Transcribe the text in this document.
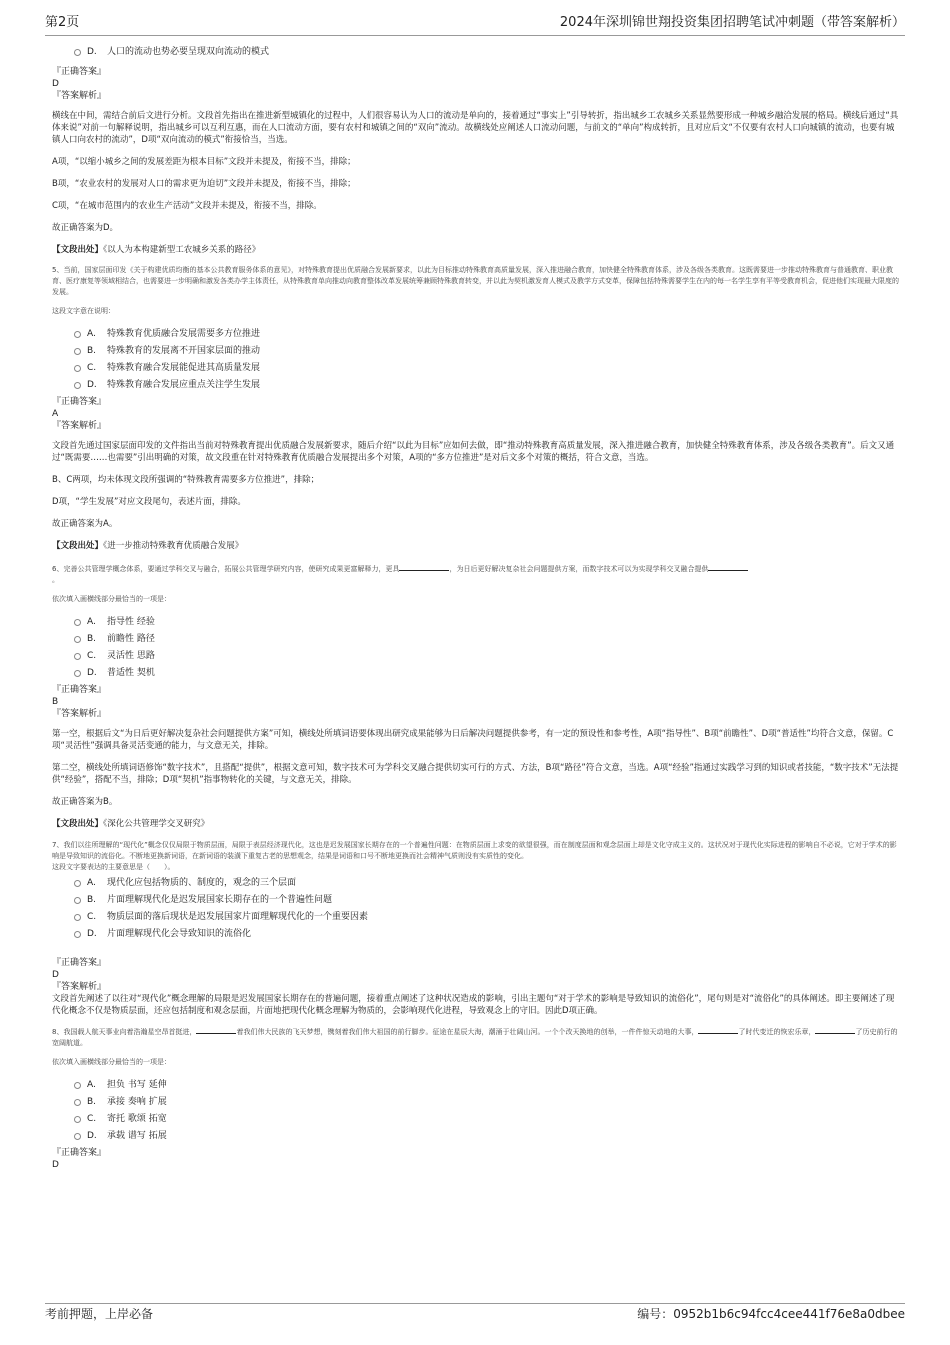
第2页	2024年深圳锦世翔投资集团招聘笔试冲刺题（带答案解析）
D.	人口的流动也势必要呈现双向流动的模式
『正确答案』
D
『答案解析』

横线在中间，需结合前后文进行分析。文段首先指出在推进新型城镇化的过程中，人们很容易认为人口的流动是单向的，接着通过“事实上”引导转折，指出城乡工农城乡关系显然要形成一种城乡融洽发展的格局。横线后通过“具体来说”对前一句解释说明，指出城乡可以互利互惠，而在人口流动方面，要有农村和城镇之间的“双向”流动。故横线处应阐述人口流动问题，与前文的“单向”构成转折，且对应后文“不仅要有农村人口向城镇的流动，也要有城镇人口向农村的流动”，D项“双向流动的模式”衔接恰当，当选。

A项，“以缩小城乡之间的发展差距为根本目标”文段并未提及，衔接不当，排除；

B项，“农业农村的发展对人口的需求更为迫切”文段并未提及，衔接不当，排除；

C项，“在城市范围内的农业生产活动”文段并未提及，衔接不当，排除。

故正确答案为D。

【文段出处】《以人为本构建新型工农城乡关系的路径》

5、当前，国家层面印发《关于构建优质均衡的基本公共教育服务体系的意见》，对特殊教育提出优质融合发展新要求，以此为目标推动特殊教育高质量发展，深入推进融合教育，加快健全特殊教育体系，涉及各级各类教育。这既需要进一步推动特殊教育与普通教育、职业教育、医疗康复等领域相结合，也需要进一步明确和激发各类办学主体责任，从特殊教育单向推动向教育整体改革发展统筹兼顾特殊教育转变，并以此为契机激发育人模式及教学方式变革，保障包括特殊需要学生在内的每一名学生享有平等受教育机会，促进他们实现最大限度的发展。

这段文字意在说明：

A.	特殊教育优质融合发展需要多方位推进
B.	特殊教育的发展离不开国家层面的推动
C.	特殊教育融合发展能促进其高质量发展
D.	特殊教育融合发展应重点关注学生发展
『正确答案』
A
『答案解析』

文段首先通过国家层面印发的文件指出当前对特殊教育提出优质融合发展新要求，随后介绍“以此为目标”应如何去做，即“推动特殊教育高质量发展，深入推进融合教育，加快健全特殊教育体系，涉及各级各类教育”。后文又通过“既需要……也需要”引出明确的对策，故文段重在针对特殊教育优质融合发展提出多个对策，A项的“多方位推进”是对后文多个对策的概括，符合文意，当选。

B、C两项，均未体现文段所强调的“特殊教育需要多方位推进”，排除；

D项，“学生发展”对应文段尾句，表述片面，排除。

故正确答案为A。

【文段出处】《进一步推动特殊教育优质融合发展》

6、完善公共管理学概念体系，要通过学科交叉与融合，拓展公共管理学研究内容，使研究成果更富解释力，更具	，为日后更好解决复杂社会问题提供方案，而数字技术可以为实现学科交叉融合提供
。

依次填入画横线部分最恰当的一项是：

A.	指导性 经验
B.	前瞻性 路径
C.	灵活性 思路
D.	普适性 契机
『正确答案』
B
『答案解析』

第一空，根据后文“为日后更好解决复杂社会问题提供方案”可知，横线处所填词语要体现出研究成果能够为日后解决问题提供参考，有一定的预设性和参考性，A项“指导性”、B项“前瞻性”、D项“普适性”均符合文意，保留。C项“灵活性”强调具备灵活变通的能力，与文意无关，排除。

第二空，横线处所填词语修饰“数字技术”，且搭配“提供”，根据文意可知，数字技术可为学科交叉融合提供切实可行的方式、方法，B项“路径”符合文意，当选。A项“经验”指通过实践学习到的知识或者技能，“数字技术”无法提供“经验”，搭配不当，排除；D项“契机”指事物转化的关键，与文意无关，排除。

故正确答案为B。

【文段出处】《深化公共管理学交叉研究》

7、我们以往所理解的“现代化”概念仅仅局限于物质层面，局限于表层经济现代化，这也是迟发展国家长期存在的一个普遍性问题：在物质层面上求变的欲望很强，而在制度层面和观念层面上却是文化守成主义的。这状况对于现代化实际进程的影响自不必说，它对于学术的影响是导致知识的流俗化。不断地更换新词语，在新词语的装潢下重复古老的思想观念，结果是词语和口号不断地更换而社会精神气质则没有实质性的变化。

这段文字要表达的主要意思是（　　）。

A.	现代化应包括物质的、制度的，观念的三个层面
B.	片面理解现代化是迟发展国家长期存在的一个普遍性问题
C.	物质层面的落后现状是迟发展国家片面理解现代化的一个重要因素
D.	片面理解现代化会导致知识的流俗化
『正确答案』
D
『答案解析』

文段首先阐述了以往对“现代化”概念理解的局限是迟发展国家长期存在的普遍问题，接着重点阐述了这种状况造成的影响，引出主题句“对于学术的影响是导致知识的流俗化”，尾句则是对“流俗化”的具体阐述。即主要阐述了现代化概念不仅是物质层面，还应包括制度和观念层面，片面地把现代化概念理解为物质的，会影响现代化进程，导致观念上的守旧。因此D项正确。

8、我国载人航天事业向着浩瀚星空昂首挺进，	着我们伟大民族的飞天梦想，镌刻着我们伟大祖国的前行脚步。征途在星辰大海，潮涌于壮阔山河。一个个改天换地的创举，一件件惊天动地的大事，	了时代变迁的恢宏乐章，	了历史前行的宽阔航道。

依次填入画横线部分最恰当的一项是：

A.	担负 书写 延伸
B.	承接 奏响 扩展
C.	寄托 歌颂 拓宽
D.	承载 谱写 拓展
『正确答案』
D
考前押题，上岸必备	编号：0952b1b6c94fcc4cee441f76e8a0dbee
